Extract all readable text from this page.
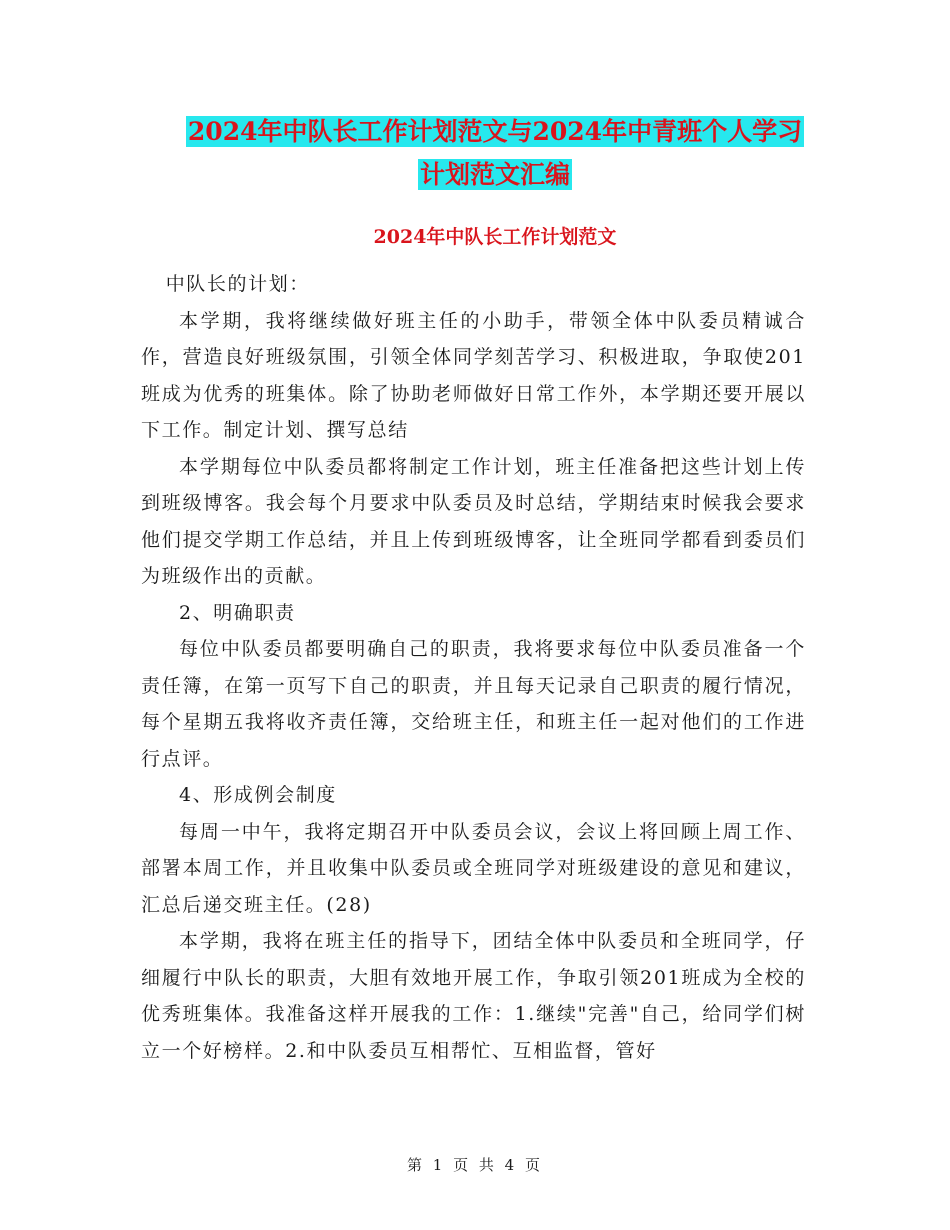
2024年中队长工作计划范文与2024年中青班个人学习
计划范文汇编
2024年中队长工作计划范文

中队长的计划：

本学期，我将继续做好班主任的小助手，带领全体中队委员精诚合作，营造良好班级氛围，引领全体同学刻苦学习、积极进取，争取使201班成为优秀的班集体。除了协助老师做好日常工作外，本学期还要开展以下工作。制定计划、撰写总结

本学期每位中队委员都将制定工作计划，班主任准备把这些计划上传到班级博客。我会每个月要求中队委员及时总结，学期结束时候我会要求他们提交学期工作总结，并且上传到班级博客，让全班同学都看到委员们为班级作出的贡献。

2、明确职责

每位中队委员都要明确自己的职责，我将要求每位中队委员准备一个责任簿，在第一页写下自己的职责，并且每天记录自己职责的履行情况，每个星期五我将收齐责任簿，交给班主任，和班主任一起对他们的工作进行点评。

4、形成例会制度

每周一中午，我将定期召开中队委员会议，会议上将回顾上周工作、部署本周工作，并且收集中队委员或全班同学对班级建设的意见和建议，汇总后递交班主任。(28)

本学期，我将在班主任的指导下，团结全体中队委员和全班同学，仔细履行中队长的职责，大胆有效地开展工作，争取引领201班成为全校的优秀班集体。我准备这样开展我的工作：1.继续"完善"自己，给同学们树立一个好榜样。2.和中队委员互相帮忙、互相监督，管好

第 1 页 共 4 页
